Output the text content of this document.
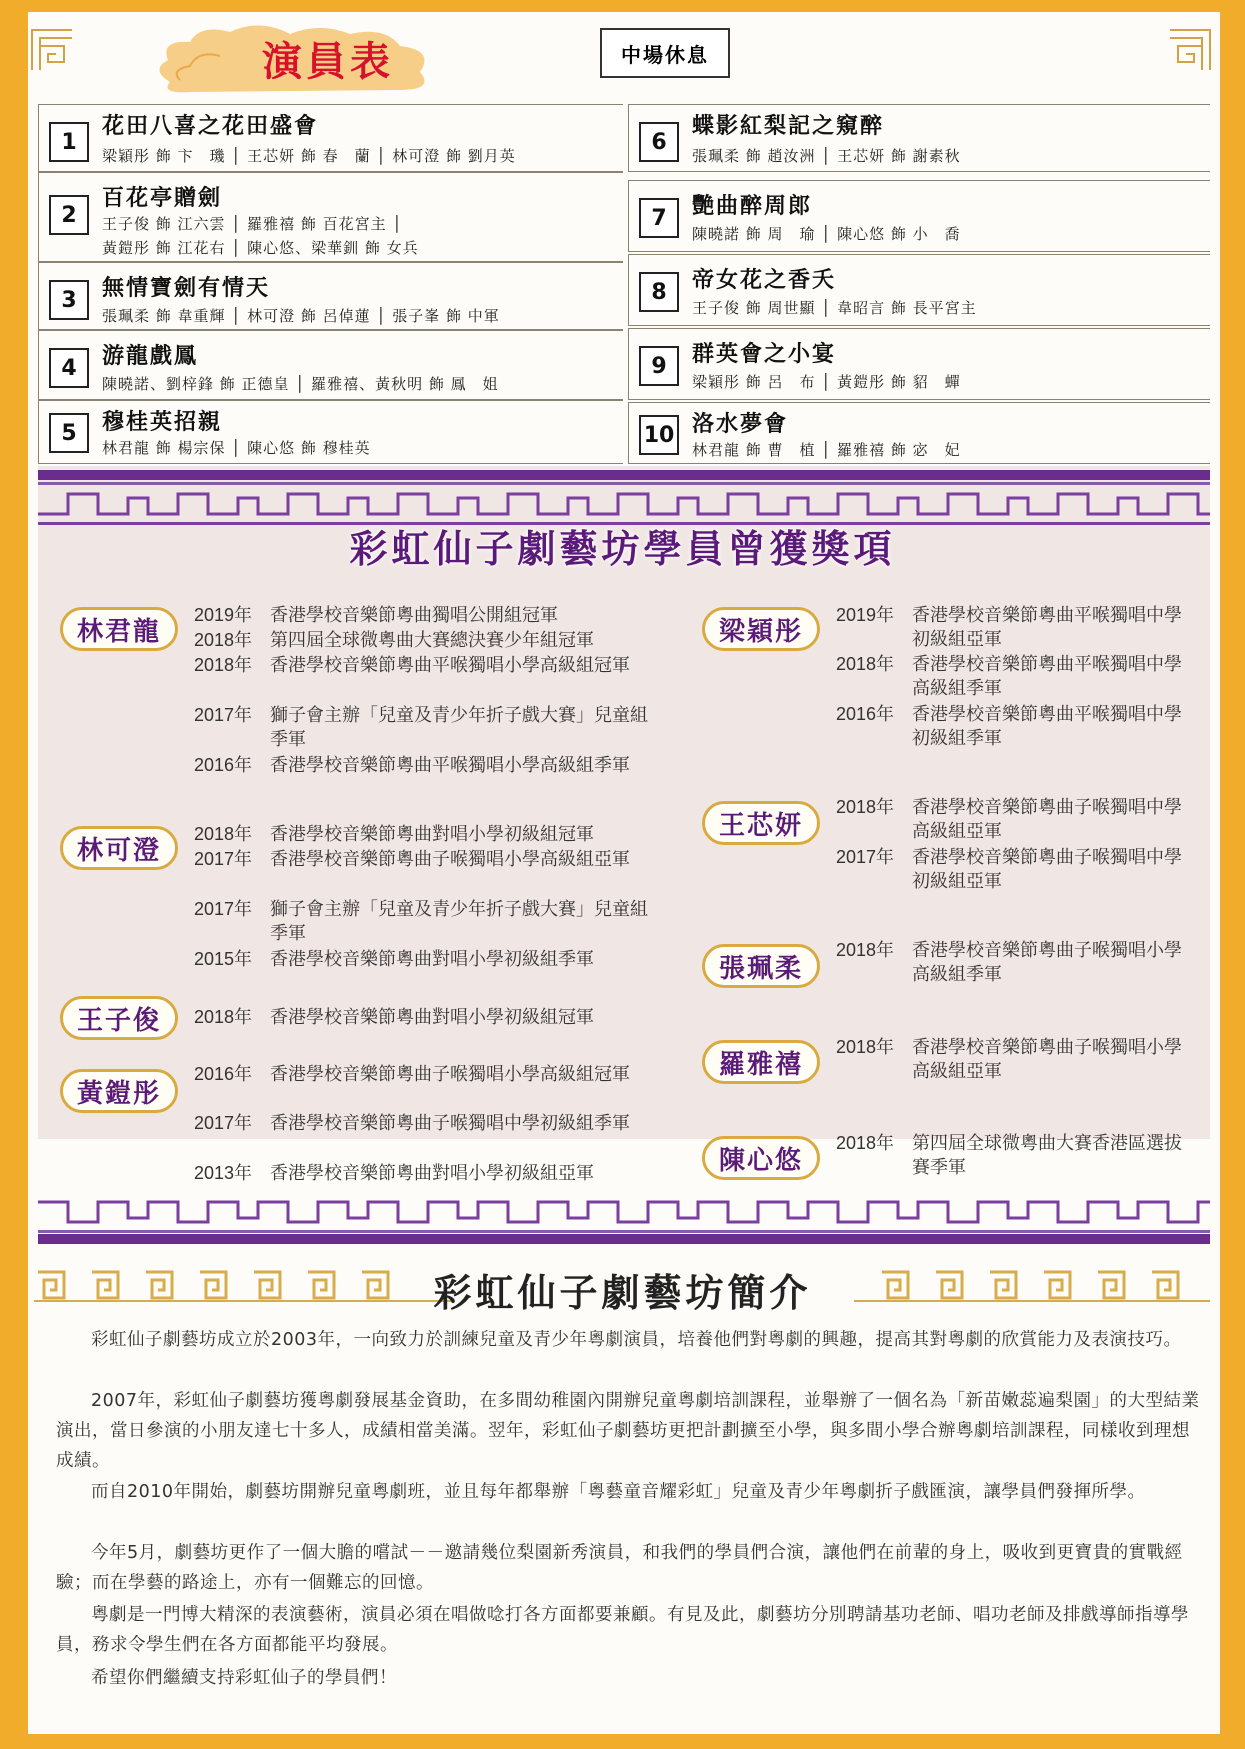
演員表	中場休息
1
花田八喜之花田盛會
梁穎彤 飾 卞　璣 │ 王芯妍 飾 春　蘭 │ 林可澄 飾 劉月英
2
百花亭贈劍
王子俊 飾 江六雲 │ 羅雅禧 飾 百花宮主 │
黃鎧彤 飾 江花右 │ 陳心悠、梁華釧 飾 女兵
3	無情寶劍有情天
張珮柔 飾 韋重輝 │ 林可澄 飾 呂倬蓮 │ 張子峯 飾 中軍
4	游龍戲鳳
陳曉諾、劉梓鋒 飾 正德皇 │ 羅雅禧、黃秋明 飾 鳳　姐
5	穆桂英招親
林君龍 飾 楊宗保 │ 陳心悠 飾 穆桂英
6
蝶影紅梨記之窺醉
張珮柔 飾 趙汝洲 │ 王芯妍 飾 謝素秋
7	艷曲醉周郎
陳曉諾 飾 周　瑜 │ 陳心悠 飾 小　喬
8	帝女花之香夭
王子俊 飾 周世顯 │ 韋昭言 飾 長平宮主
9	群英會之小宴
梁穎彤 飾 呂　布 │ 黃鎧彤 飾 貂　蟬
10 洛水夢會
林君龍 飾 曹　植 │ 羅雅禧 飾 宓　妃
彩虹仙子劇藝坊學員曾獲獎項
林君龍
2019年 香港學校音樂節粵曲獨唱公開組冠軍
2018年 第四屆全球微粵曲大賽總決賽少年組冠軍
2018年 香港學校音樂節粵曲平喉獨唱小學高級組冠軍
2017年 獅子會主辦「兒童及青少年折子戲大賽」兒童組季軍
2016年 香港學校音樂節粵曲平喉獨唱小學高級組季軍
林可澄
2018年 香港學校音樂節粵曲對唱小學初級組冠軍
2017年 香港學校音樂節粵曲子喉獨唱小學高級組亞軍
2017年 獅子會主辦「兒童及青少年折子戲大賽」兒童組季軍
2015年 香港學校音樂節粵曲對唱小學初級組季軍
王子俊	2018年 香港學校音樂節粵曲對唱小學初級組冠軍
黃鎧彤
2016年 香港學校音樂節粵曲子喉獨唱小學高級組冠軍
2017年 香港學校音樂節粵曲子喉獨唱中學初級組季軍
2013年 香港學校音樂節粵曲對唱小學初級組亞軍
梁穎彤
2019年 香港學校音樂節粵曲平喉獨唱中學初級組亞軍
2018年 香港學校音樂節粵曲平喉獨唱中學高級組季軍
2016年 香港學校音樂節粵曲平喉獨唱中學初級組季軍
王芯妍
2018年 香港學校音樂節粵曲子喉獨唱中學高級組亞軍
2017年 香港學校音樂節粵曲子喉獨唱中學初級組亞軍
張珮柔
2018年 香港學校音樂節粵曲子喉獨唱小學高級組季軍
羅雅禧
2018年 香港學校音樂節粵曲子喉獨唱小學高級組亞軍
陳心悠
2018年 第四屆全球微粵曲大賽香港區選拔賽季軍
彩虹仙子劇藝坊簡介

彩虹仙子劇藝坊成立於2003年，一向致力於訓練兒童及青少年粵劇演員，培養他們對粵劇的興趣，提高其對粵劇的欣賞能力及表演技巧。

2007年，彩虹仙子劇藝坊獲粵劇發展基金資助，在多間幼稚園內開辦兒童粵劇培訓課程，並舉辦了一個名為「新苗嫩蕊遍梨園」的大型結業演出，當日參演的小朋友達七十多人，成績相當美滿。翌年，彩虹仙子劇藝坊更把計劃擴至小學，與多間小學合辦粵劇培訓課程，同樣收到理想成績。

而自2010年開始，劇藝坊開辦兒童粵劇班，並且每年都舉辦「粵藝童音耀彩虹」兒童及青少年粵劇折子戲匯演，讓學員們發揮所學。

今年5月，劇藝坊更作了一個大膽的嚐試－－邀請幾位梨園新秀演員，和我們的學員們合演，讓他們在前輩的身上，吸收到更寶貴的實戰經驗；而在學藝的路途上，亦有一個難忘的回憶。

粵劇是一門博大精深的表演藝術，演員必須在唱做唸打各方面都要兼顧。有見及此，劇藝坊分別聘請基功老師、唱功老師及排戲導師指導學員，務求令學生們在各方面都能平均發展。

希望你們繼續支持彩虹仙子的學員們！
